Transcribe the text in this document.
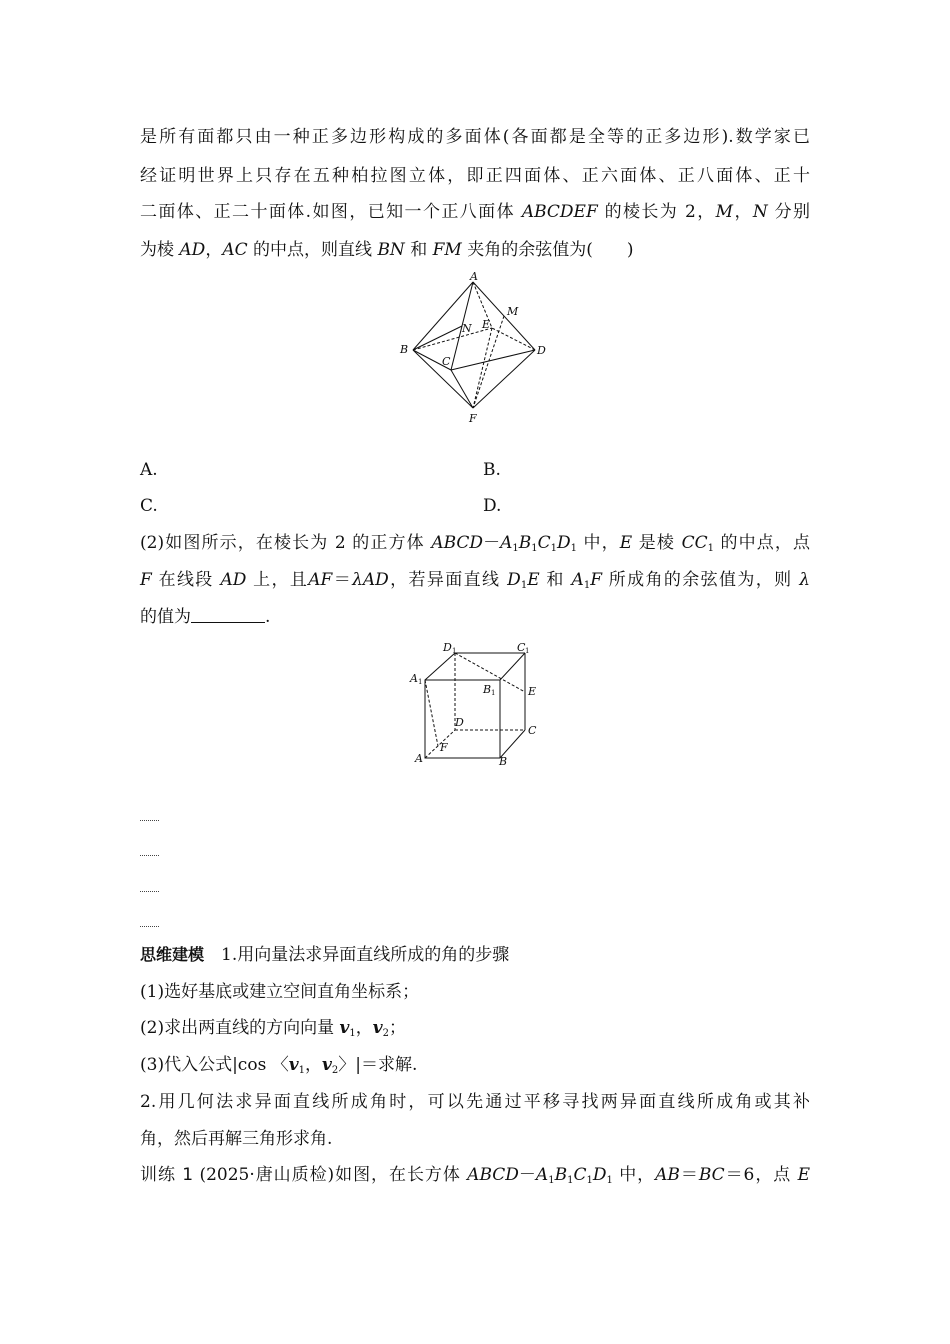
是所有面都只由一种正多边形构成的多面体(各面都是全等的正多边形).数学家已
经证明世界上只存在五种柏拉图立体，即正四面体、正六面体、正八面体、正十
二面体、正二十面体.如图，已知一个正八面体 ABCDEF 的棱长为 2，M，N 分别
为棱 AD，AC 的中点，则直线 BN 和 FM 夹角的余弦值为(　　)
A
B
C
D
E
F
M
N
A.	B.
C.	D.
(2)如图所示，在棱长为 2 的正方体 $ABCD-A_1B_1C_1D_1$ 中，E 是棱 $CC_1$ 的中点，点
F 在线段 AD 上，且AF＝λAD，若异面直线 $D_1E$ 和 $A_1F$ 所成角的余弦值为，则 λ
的值为	.
D 1	C 1
A 1
B 1	E
D
C
F
A	B
思维建模　1.用向量法求异面直线所成的角的步骤
(1)选好基底或建立空间直角坐标系；
(2)求出两直线的方向向量 $v_1$，$v_2$；
(3)代入公式|cos 〈$v_1$，$v_2$〉|＝求解.
2.用几何法求异面直线所成角时，可以先通过平移寻找两异面直线所成角或其补
角，然后再解三角形求角.
训练 1 (2025·唐山质检)如图，在长方体 $ABCD-A_1B_1C_1D_1$ 中，AB＝BC＝6，点 E
